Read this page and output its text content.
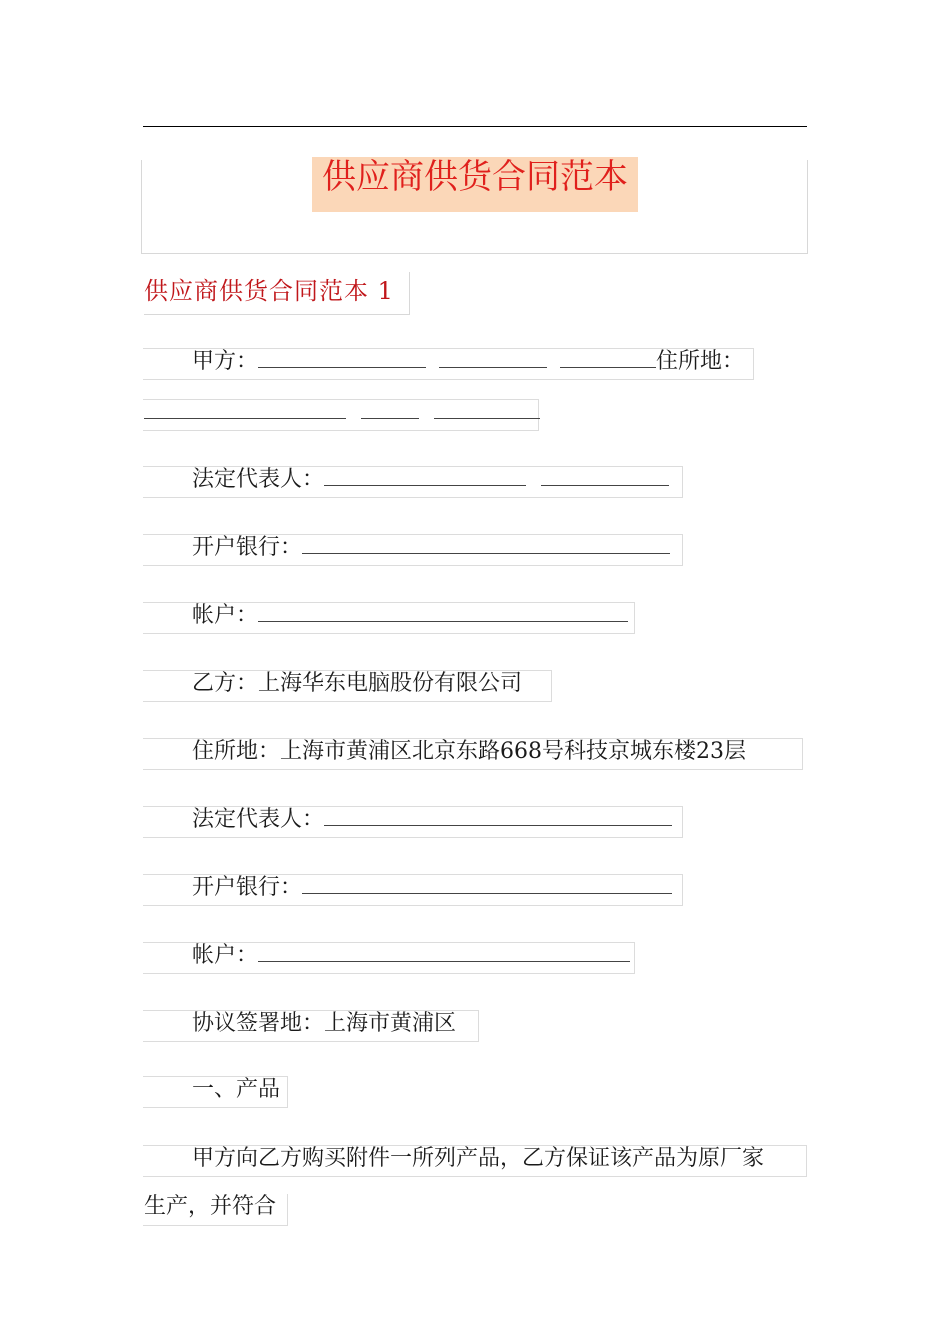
供应商供货合同范本
供应商供货合同范本 1
甲方：	住所地：

法定代表人：
开户银行：
帐户：
乙方：上海华东电脑股份有限公司
住所地：上海市黄浦区北京东路668号科技京城东楼23层
法定代表人：
开户银行：
帐户：
协议签署地：上海市黄浦区
一、产品
甲方向乙方购买附件一所列产品，乙方保证该产品为原厂家
生产，并符合
